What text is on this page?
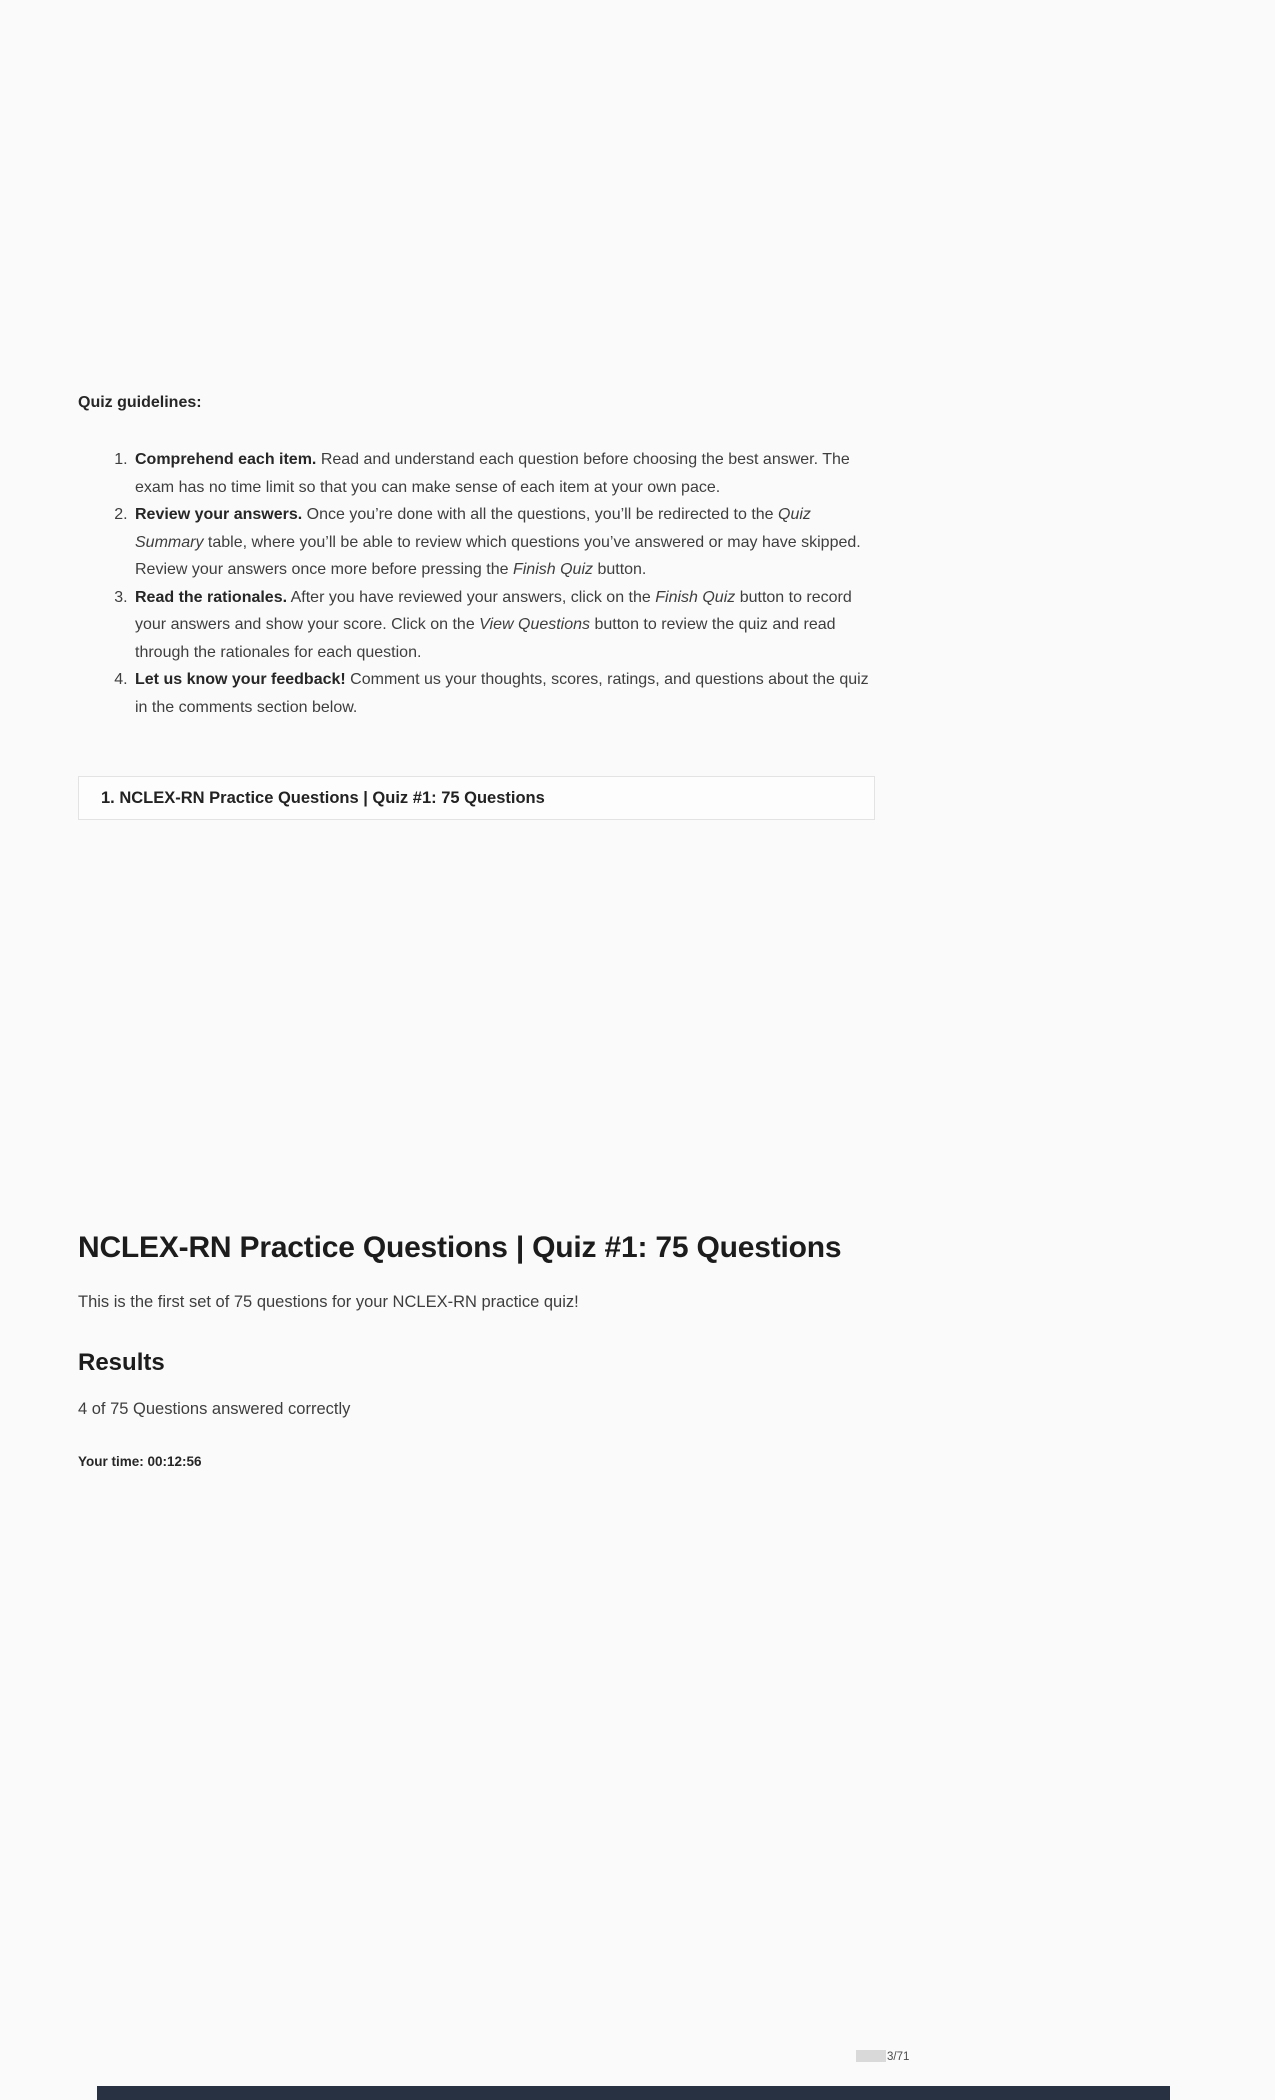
Quiz guidelines:
1. Comprehend each item. Read and understand each question before choosing the best answer. The exam has no time limit so that you can make sense of each item at your own pace.
2. Review your answers. Once you’re done with all the questions, you’ll be redirected to the Quiz Summary table, where you’ll be able to review which questions you’ve answered or may have skipped. Review your answers once more before pressing the Finish Quiz button.
3. Read the rationales. After you have reviewed your answers, click on the Finish Quiz button to record your answers and show your score. Click on the View Questions button to review the quiz and read through the rationales for each question.
4. Let us know your feedback! Comment us your thoughts, scores, ratings, and questions about the quiz in the comments section below.
1. NCLEX-RN Practice Questions | Quiz #1: 75 Questions
NCLEX-RN Practice Questions | Quiz #1: 75 Questions

This is the first set of 75 questions for your NCLEX-RN practice quiz!

Results

4 of 75 Questions answered correctly

Your time: 00:12:56

3/71
